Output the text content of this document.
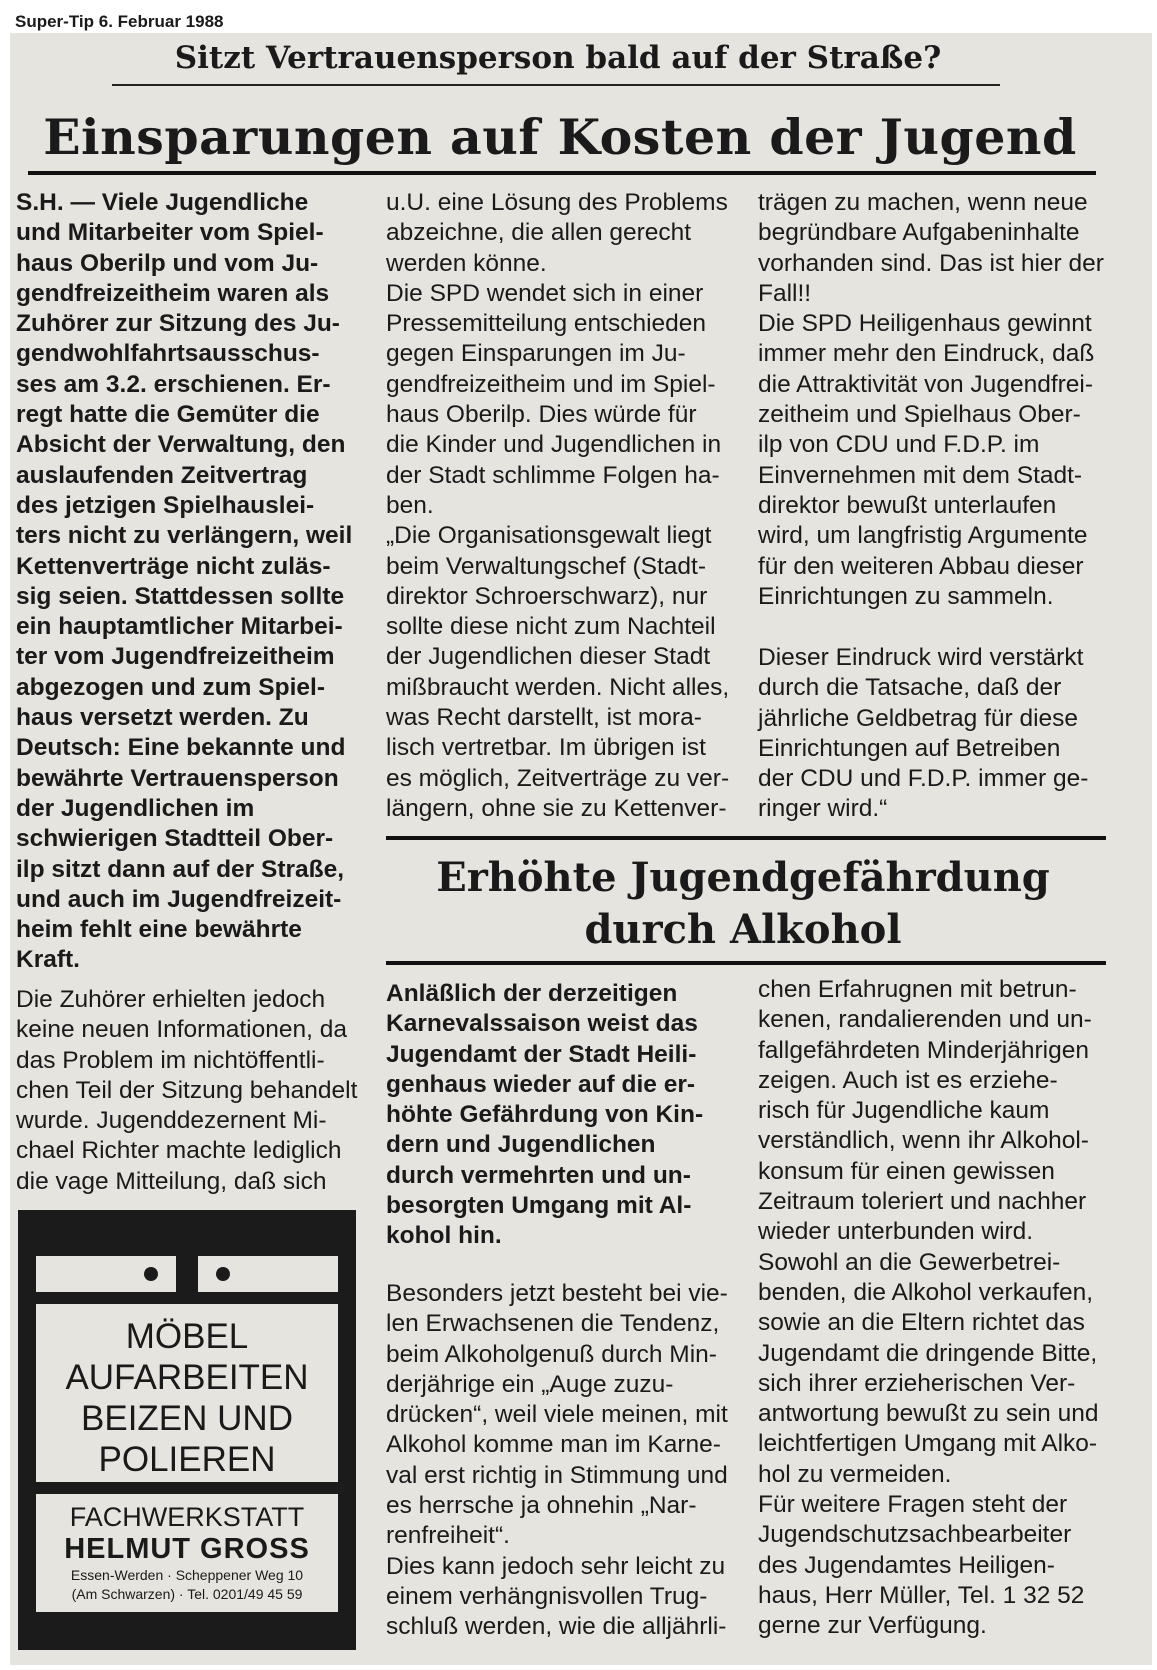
Super-Tip 6. Februar 1988
Sitzt Vertrauensperson bald auf der Straße?
Einsparungen auf Kosten der Jugend
S.H. — Viele Jugendliche
und Mitarbeiter vom Spiel-
haus Oberilp und vom Ju-
gendfreizeitheim waren als
Zuhörer zur Sitzung des Ju-
gendwohlfahrtsausschus-
ses am 3.2. erschienen. Er-
regt hatte die Gemüter die
Absicht der Verwaltung, den
auslaufenden Zeitvertrag
des jetzigen Spielhauslei-
ters nicht zu verlängern, weil
Kettenverträge nicht zuläs-
sig seien. Stattdessen sollte
ein hauptamtlicher Mitarbei-
ter vom Jugendfreizeitheim
abgezogen und zum Spiel-
haus versetzt werden. Zu
Deutsch: Eine bekannte und
bewährte Vertrauensperson
der Jugendlichen im
schwierigen Stadtteil Ober-
ilp sitzt dann auf der Straße,
und auch im Jugendfreizeit-
heim fehlt eine bewährte
Kraft.
Die Zuhörer erhielten jedoch
keine neuen Informationen, da
das Problem im nichtöffentli-
chen Teil der Sitzung behandelt
wurde. Jugenddezernent Mi-
chael Richter machte lediglich
die vage Mitteilung, daß sich
u.U. eine Lösung des Problems
abzeichne, die allen gerecht
werden könne.
Die SPD wendet sich in einer
Pressemitteilung entschieden
gegen Einsparungen im Ju-
gendfreizeitheim und im Spiel-
haus Oberilp. Dies würde für
die Kinder und Jugendlichen in
der Stadt schlimme Folgen ha-
ben.
„Die Organisationsgewalt liegt
beim Verwaltungschef (Stadt-
direktor Schroerschwarz), nur
sollte diese nicht zum Nachteil
der Jugendlichen dieser Stadt
mißbraucht werden. Nicht alles,
was Recht darstellt, ist mora-
lisch vertretbar. Im übrigen ist
es möglich, Zeitverträge zu ver-
längern, ohne sie zu Kettenver-
trägen zu machen, wenn neue
begründbare Aufgabeninhalte
vorhanden sind. Das ist hier der
Fall!!
Die SPD Heiligenhaus gewinnt
immer mehr den Eindruck, daß
die Attraktivität von Jugendfrei-
zeitheim und Spielhaus Ober-
ilp von CDU und F.D.P. im
Einvernehmen mit dem Stadt-
direktor bewußt unterlaufen
wird, um langfristig Argumente
für den weiteren Abbau dieser
Einrichtungen zu sammeln.
Dieser Eindruck wird verstärkt
durch die Tatsache, daß der
jährliche Geldbetrag für diese
Einrichtungen auf Betreiben
der CDU und F.D.P. immer ge-
ringer wird.“
Erhöhte Jugendgefährdung
durch Alkohol
Anläßlich der derzeitigen
Karnevalssaison weist das
Jugendamt der Stadt Heili-
genhaus wieder auf die er-
höhte Gefährdung von Kin-
dern und Jugendlichen
durch vermehrten und un-
besorgten Umgang mit Al-
kohol hin.
Besonders jetzt besteht bei vie-
len Erwachsenen die Tendenz,
beim Alkoholgenuß durch Min-
derjährige ein „Auge zuzu-
drücken“, weil viele meinen, mit
Alkohol komme man im Karne-
val erst richtig in Stimmung und
es herrsche ja ohnehin „Nar-
renfreiheit“.
Dies kann jedoch sehr leicht zu
einem verhängnisvollen Trug-
schluß werden, wie die alljährli-
chen Erfahrugnen mit betrun-
kenen, randalierenden und un-
fallgefährdeten Minderjährigen
zeigen. Auch ist es erziehe-
risch für Jugendliche kaum
verständlich, wenn ihr Alkohol-
konsum für einen gewissen
Zeitraum toleriert und nachher
wieder unterbunden wird.
Sowohl an die Gewerbetrei-
benden, die Alkohol verkaufen,
sowie an die Eltern richtet das
Jugendamt die dringende Bitte,
sich ihrer erzieherischen Ver-
antwortung bewußt zu sein und
leichtfertigen Umgang mit Alko-
hol zu vermeiden.
Für weitere Fragen steht der
Jugendschutzsachbearbeiter
des Jugendamtes Heiligen-
haus, Herr Müller, Tel. 1 32 52
gerne zur Verfügung.
MÖBEL
AUFARBEITEN
BEIZEN UND
POLIEREN
FACHWERKSTATT
HELMUT GROSS
Essen-Werden · Scheppener Weg 10
(Am Schwarzen) · Tel. 0201/49 45 59
